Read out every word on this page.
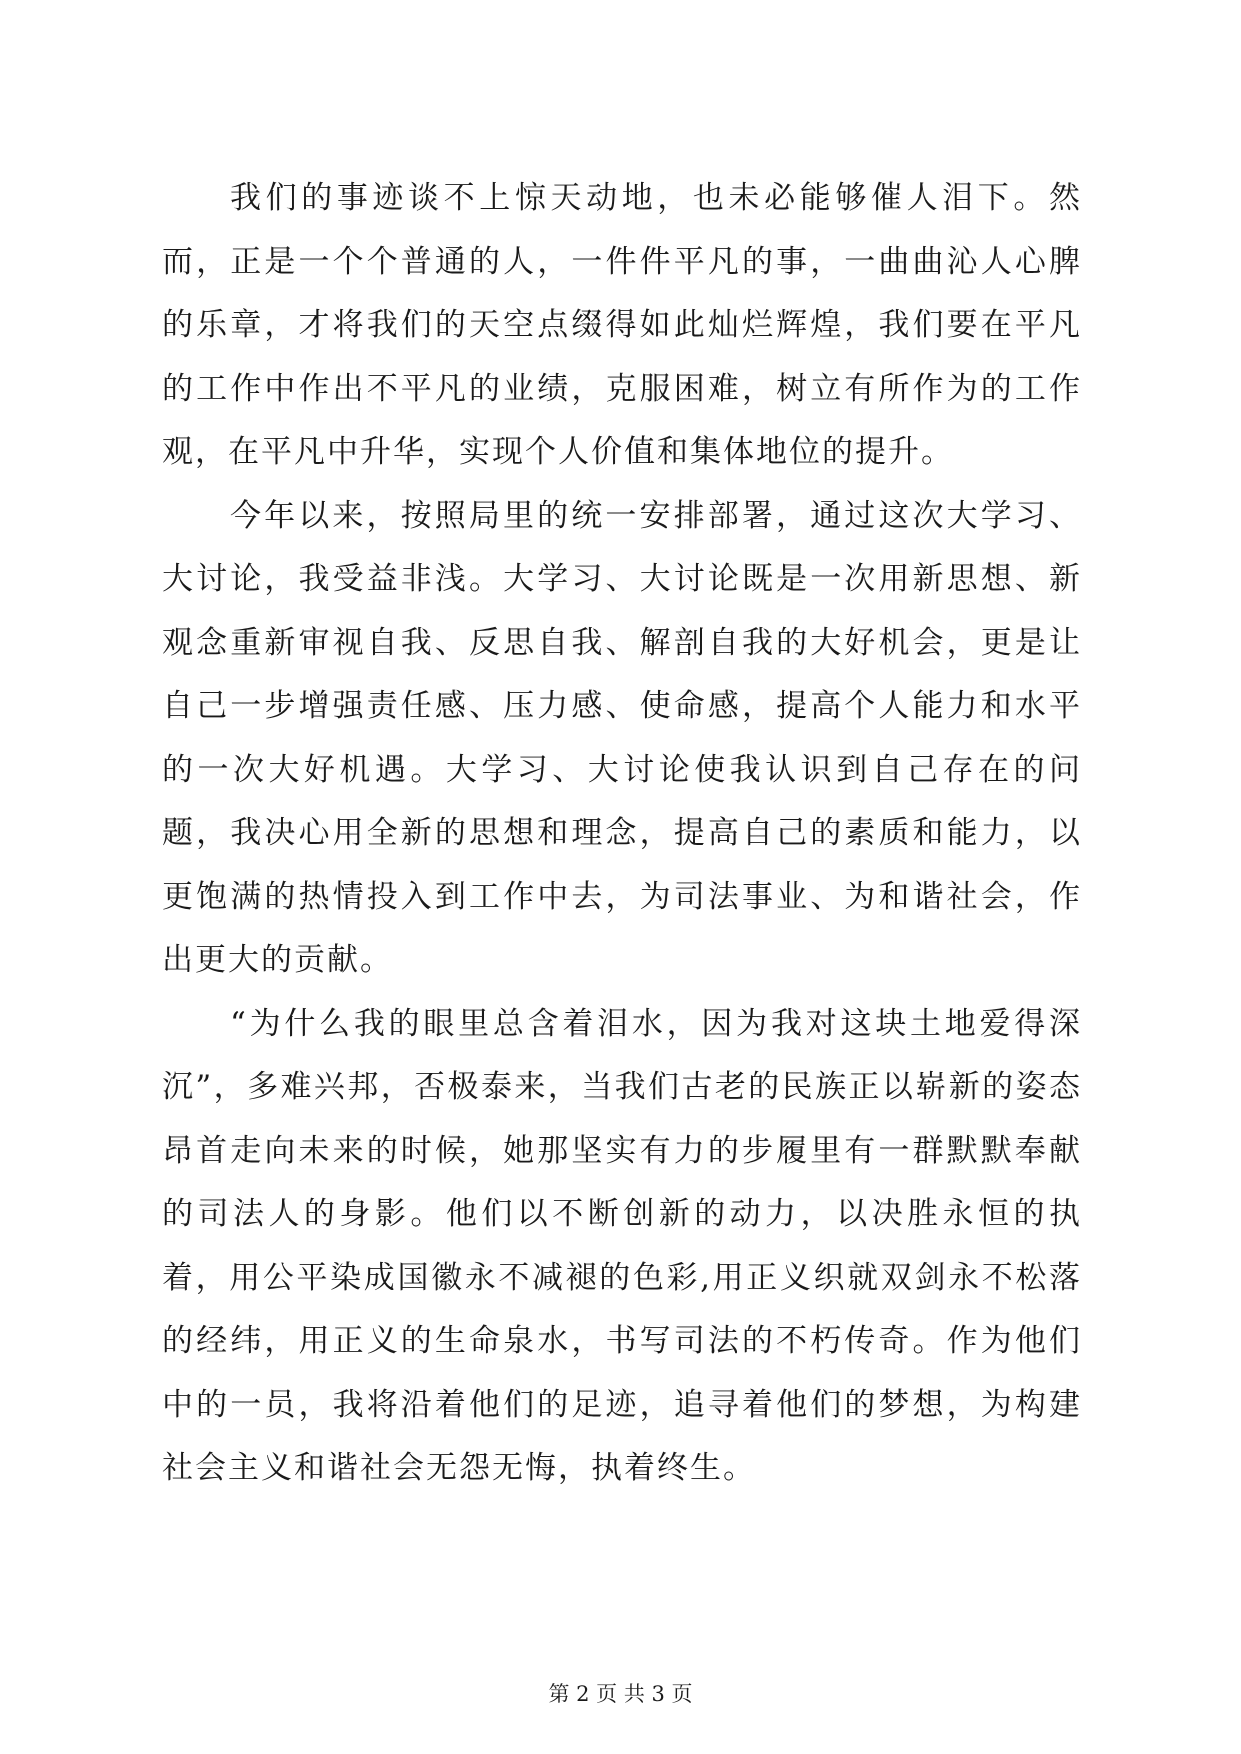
我们的事迹谈不上惊天动地，也未必能够催人泪下。然而，正是一个个普通的人，一件件平凡的事，一曲曲沁人心脾的乐章，才将我们的天空点缀得如此灿烂辉煌，我们要在平凡的工作中作出不平凡的业绩，克服困难，树立有所作为的工作观，在平凡中升华，实现个人价值和集体地位的提升。

今年以来，按照局里的统一安排部署，通过这次大学习、大讨论，我受益非浅。大学习、大讨论既是一次用新思想、新观念重新审视自我、反思自我、解剖自我的大好机会，更是让自己一步增强责任感、压力感、使命感，提高个人能力和水平的一次大好机遇。大学习、大讨论使我认识到自己存在的问题，我决心用全新的思想和理念，提高自己的素质和能力，以更饱满的热情投入到工作中去，为司法事业、为和谐社会，作出更大的贡献。

“为什么我的眼里总含着泪水，因为我对这块土地爱得深沉”，多难兴邦，否极泰来，当我们古老的民族正以崭新的姿态昂首走向未来的时候，她那坚实有力的步履里有一群默默奉献的司法人的身影。他们以不断创新的动力，以决胜永恒的执着，用公平染成国徽永不减褪的色彩,用正义织就双剑永不松落的经纬，用正义的生命泉水，书写司法的不朽传奇。作为他们中的一员，我将沿着他们的足迹，追寻着他们的梦想，为构建社会主义和谐社会无怨无悔，执着终生。

第 2 页 共 3 页
